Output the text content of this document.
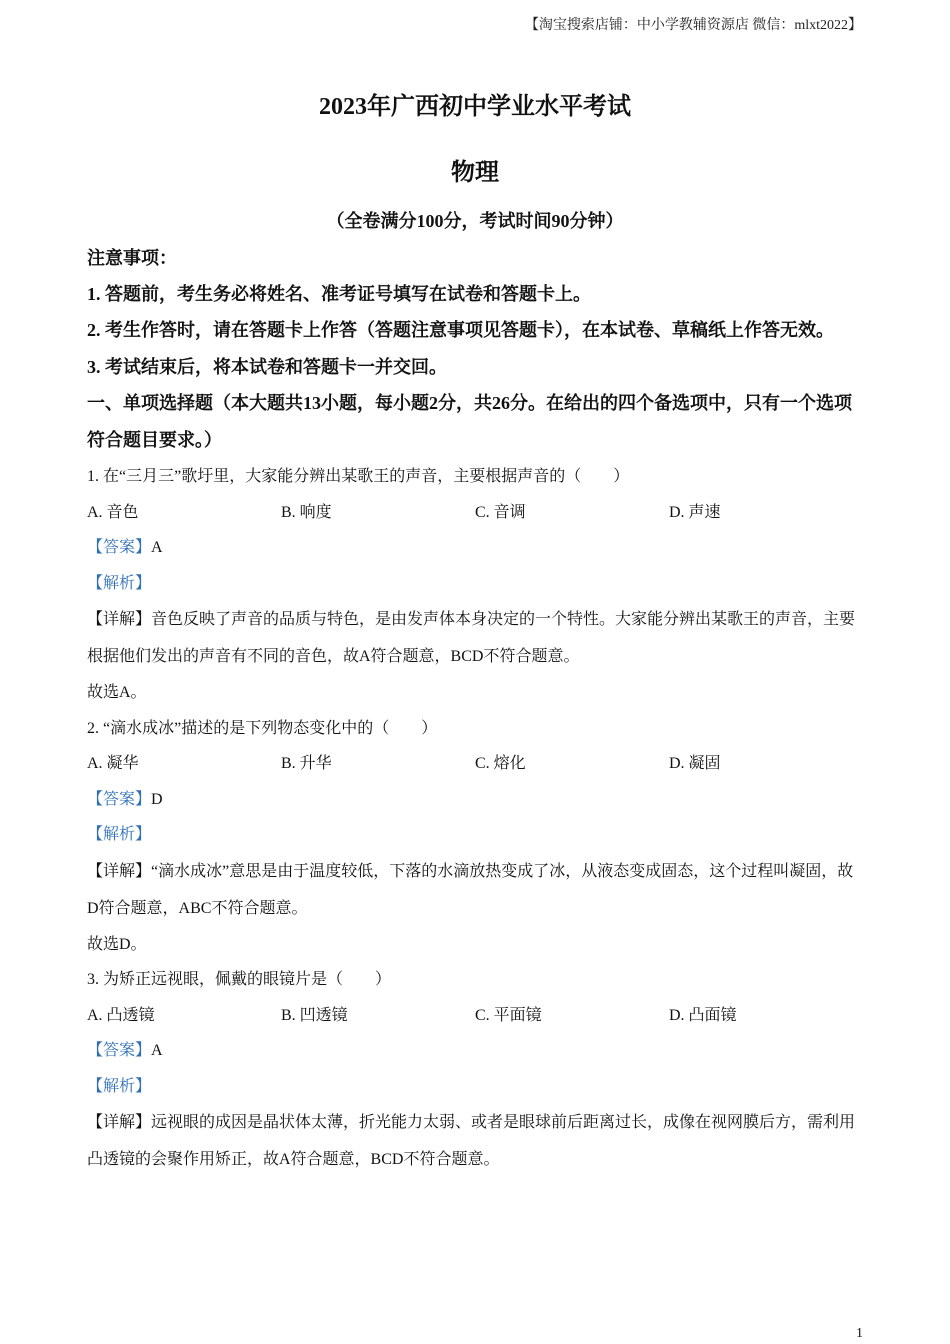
【淘宝搜索店铺：中小学教辅资源店 微信：mlxt2022】
2023年广西初中学业水平考试
物理
（全卷满分100分，考试时间90分钟）
注意事项：
1. 答题前，考生务必将姓名、准考证号填写在试卷和答题卡上。
2. 考生作答时，请在答题卡上作答（答题注意事项见答题卡），在本试卷、草稿纸上作答无效。
3. 考试结束后，将本试卷和答题卡一并交回。
一、单项选择题（本大题共13小题，每小题2分，共26分。在给出的四个备选项中，只有一个选项符合题目要求。）
1. 在“三月三”歌圩里，大家能分辨出某歌王的声音，主要根据声音的（　　）
A. 音色	B. 响度	C. 音调	D. 声速
【答案】A
【解析】
【详解】音色反映了声音的品质与特色，是由发声体本身决定的一个特性。大家能分辨出某歌王的声音，主要根据他们发出的声音有不同的音色，故A符合题意，BCD不符合题意。
故选A。
2. “滴水成冰”描述的是下列物态变化中的（　　）
A. 凝华	B. 升华	C. 熔化	D. 凝固
【答案】D
【解析】
【详解】“滴水成冰”意思是由于温度较低，下落的水滴放热变成了冰，从液态变成固态，这个过程叫凝固，故D符合题意，ABC不符合题意。
故选D。
3. 为矫正远视眼，佩戴的眼镜片是（　　）
A. 凸透镜	B. 凹透镜	C. 平面镜	D. 凸面镜
【答案】A
【解析】
【详解】远视眼的成因是晶状体太薄，折光能力太弱、或者是眼球前后距离过长，成像在视网膜后方，需利用凸透镜的会聚作用矫正，故A符合题意，BCD不符合题意。
1
